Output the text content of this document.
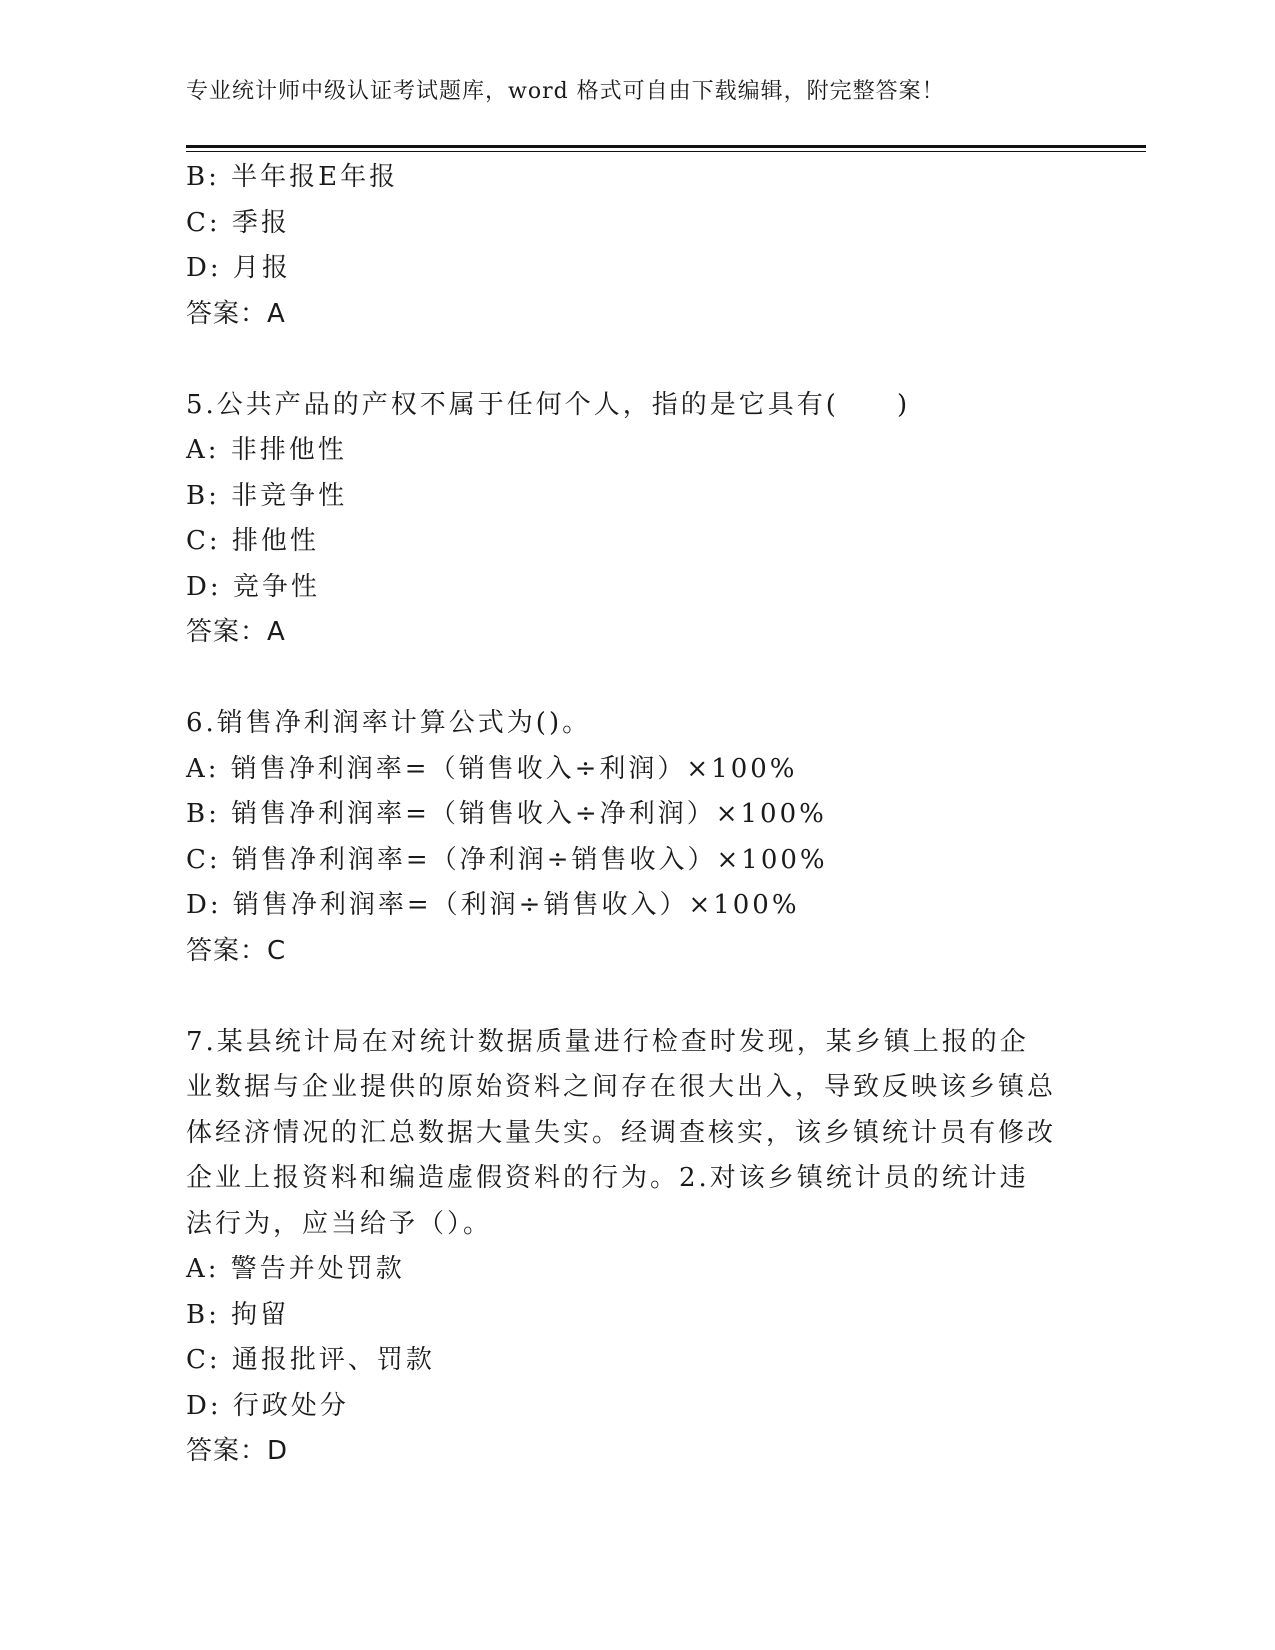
专业统计师中级认证考试题库，word 格式可自由下载编辑，附完整答案！
B: 半年报E年报
C: 季报
D: 月报
答案：A
5.公共产品的产权不属于任何个人，指的是它具有(　　)
A: 非排他性
B: 非竞争性
C: 排他性
D: 竞争性
答案：A
6.销售净利润率计算公式为()。
A: 销售净利润率=（销售收入÷利润）×100%
B: 销售净利润率=（销售收入÷净利润）×100%
C: 销售净利润率=（净利润÷销售收入）×100%
D: 销售净利润率=（利润÷销售收入）×100%
答案：C
7.某县统计局在对统计数据质量进行检查时发现，某乡镇上报的企业数据与企业提供的原始资料之间存在很大出入，导致反映该乡镇总体经济情况的汇总数据大量失实。经调查核实，该乡镇统计员有修改企业上报资料和编造虚假资料的行为。2.对该乡镇统计员的统计违法行为，应当给予（）。
A: 警告并处罚款
B: 拘留
C: 通报批评、罚款
D: 行政处分
答案：D
